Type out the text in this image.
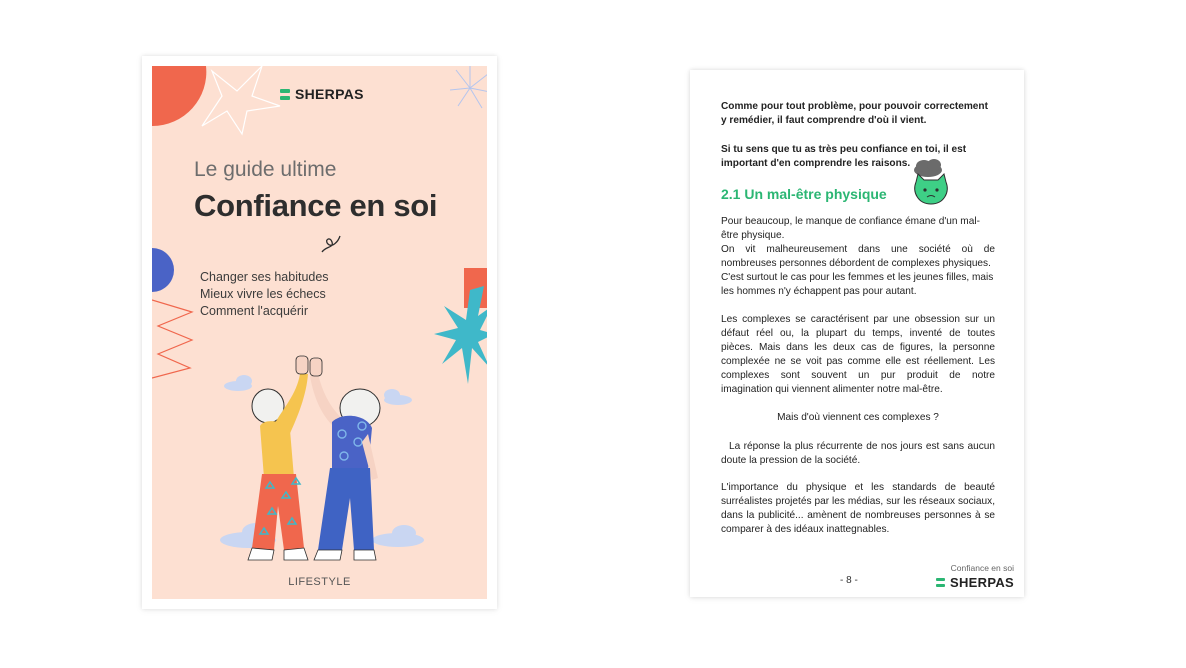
SHERPAS
Le guide ultime
Confiance en soi
Changer ses habitudes
Mieux vivre les échecs
Comment l'acquérir
LIFESTYLE

Comme pour tout problème, pour pouvoir correctement
y remédier, il faut comprendre d'où il vient.

Si tu sens que tu as très peu confiance en toi, il est
important d'en comprendre les raisons.

2.1 Un mal-être physique

Pour beaucoup, le manque de confiance émane d'un mal-
être physique.
On vit malheureusement dans une société où de
nombreuses personnes débordent de complexes physiques.
C'est surtout le cas pour les femmes et les jeunes filles, mais
les hommes n'y échappent pas pour autant.

Les complexes se caractérisent par une obsession sur un
défaut réel ou, la plupart du temps, inventé de toutes
pièces. Mais dans les deux cas de figures, la personne
complexée ne se voit pas comme elle est réellement. Les
complexes sont souvent un pur produit de notre
imagination qui viennent alimenter notre mal-être.

Mais d'où viennent ces complexes ?

La réponse la plus récurrente de nos jours est sans aucun
doute la pression de la société.

L'importance du physique et les standards de beauté
surréalistes projetés par les médias, sur les réseaux sociaux,
dans la publicité... amènent de nombreuses personnes à se
comparer à des idéaux inattegnables.

Confiance en soi
- 8 -	SHERPAS
